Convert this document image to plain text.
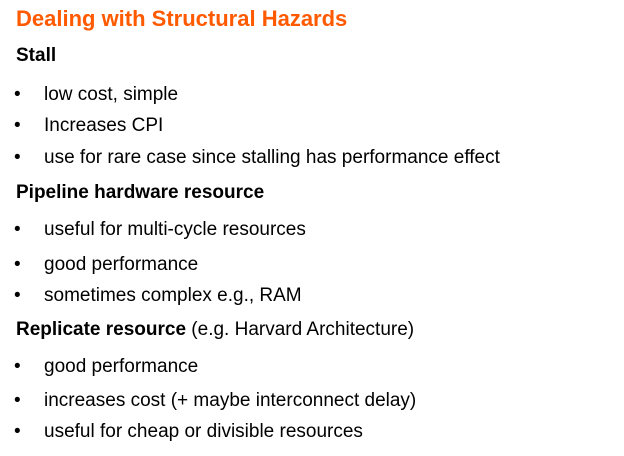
Dealing with Structural Hazards
Stall
• low cost, simple
• Increases CPI
• use for rare case since stalling has performance effect
Pipeline hardware resource
• useful for multi-cycle resources
• good performance
• sometimes complex e.g., RAM
Replicate resource (e.g. Harvard Architecture)
• good performance
• increases cost (+ maybe interconnect delay)
• useful for cheap or divisible resources
